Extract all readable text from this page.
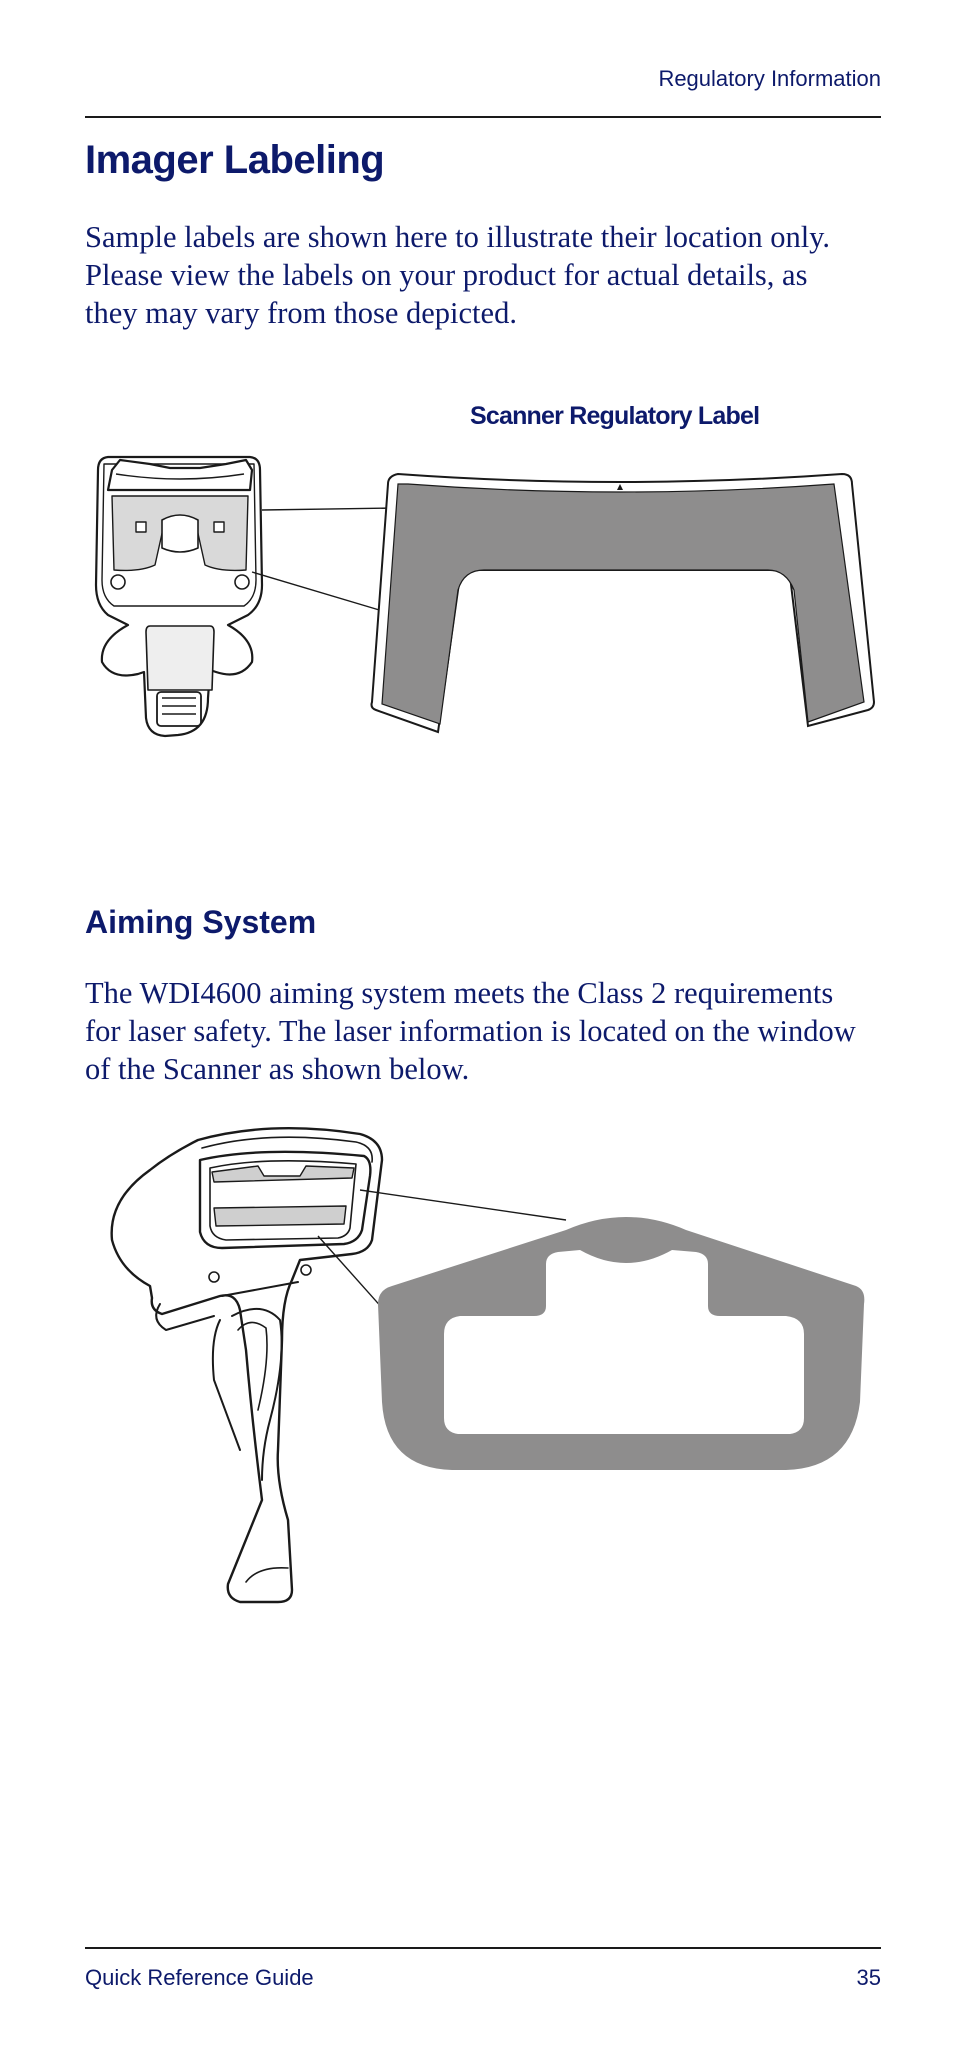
Regulatory Information
Imager Labeling

Sample labels are shown here to illustrate their location only.
Please view the labels on your product for actual details, as
they may vary from those depicted.

Scanner Regulatory Label
Aiming System

The WDI4600 aiming system meets the Class 2 requirements
for laser safety. The laser information is located on the window
of the Scanner as shown below.

Quick Reference Guide	35
